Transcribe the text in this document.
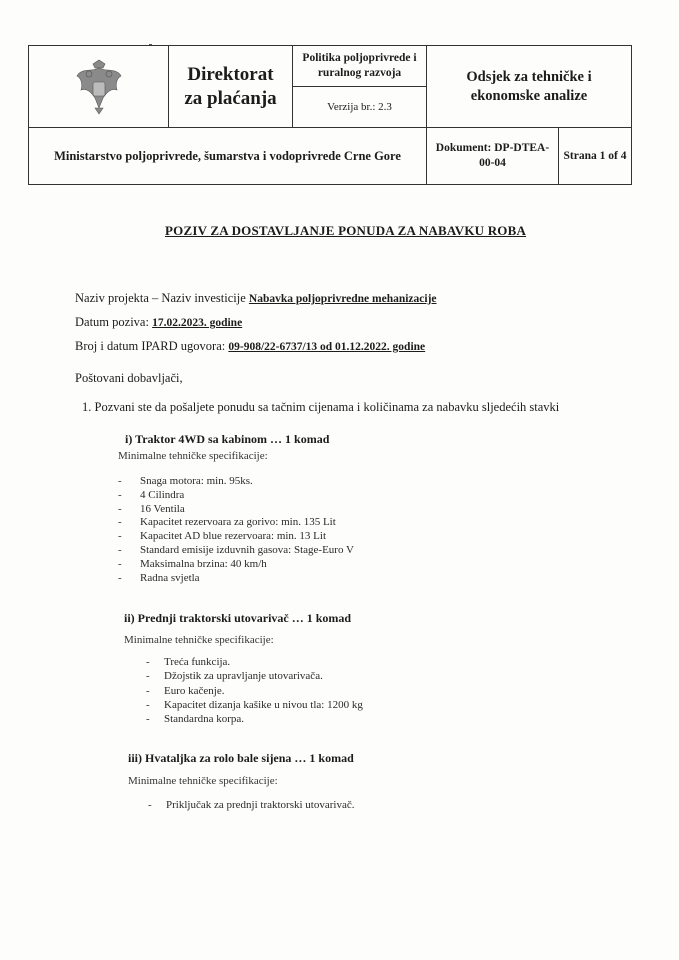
Direktorat
za plaćanja
Politika poljoprivrede i
ruralnog razvoja
Verzija br.: 2.3
Odsjek za tehničke i
ekonomske analize
Ministarstvo poljoprivrede, šumarstva i vodoprivrede Crne Gore
Dokument: DP-DTEA-
00-04
Strana 1 of 4
POZIV ZA DOSTAVLJANJE PONUDA ZA NABAVKU ROBA
Naziv projekta – Naziv investicije Nabavka poljoprivredne mehanizacije
Datum poziva: 17.02.2023. godine
Broj i datum IPARD ugovora: 09-908/22-6737/13 od 01.12.2022. godine
Poštovani dobavljači,
1. Pozvani ste da pošaljete ponudu sa tačnim cijenama i količinama za nabavku sljedećih stavki
i) Traktor 4WD sa kabinom … 1 komad
Minimalne tehničke specifikacije:
- Snaga motora: min. 95ks.
- 4 Cilindra
- 16 Ventila
- Kapacitet rezervoara za gorivo: min. 135 Lit
- Kapacitet AD blue rezervoara: min. 13 Lit
- Standard emisije izduvnih gasova: Stage-Euro V
- Maksimalna brzina: 40 km/h
- Radna svjetla
ii) Prednji traktorski utovarivač … 1 komad
Minimalne tehničke specifikacije:
- Treća funkcija.
- Džojstik za upravljanje utovarivača.
- Euro kačenje.
- Kapacitet dizanja kašike u nivou tla: 1200 kg
- Standardna korpa.
iii) Hvataljka za rolo bale sijena … 1 komad
Minimalne tehničke specifikacije:
- Priključak za prednji traktorski utovarivač.
